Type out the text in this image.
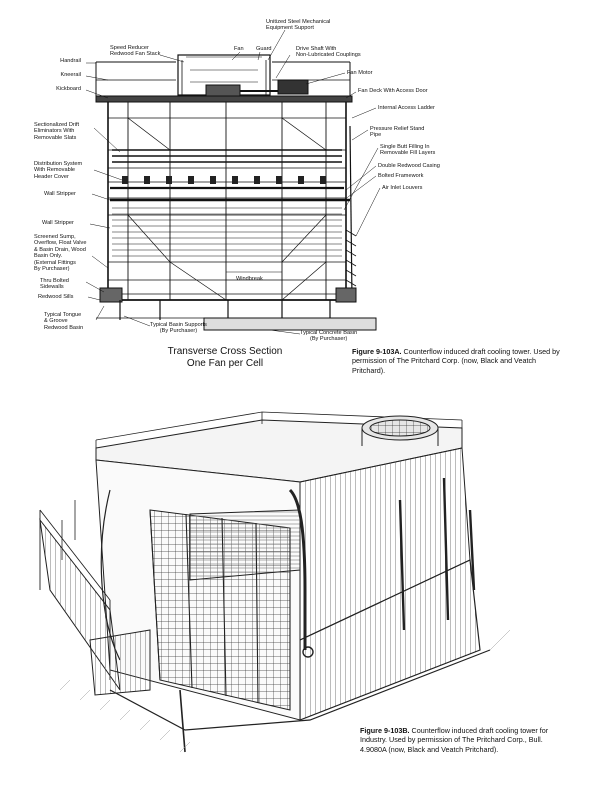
Handrail
Kneerail
Kickboard
Sectionalized Drift
Eliminators With
Removable Slats
Distribution System
With Removable
Header Cover
Wall Stripper
Wall Stripper
Screened Sump,
Overflow, Float Valve
& Basin Drain, Wood
Basin Only.
(External Fittings
By Purchaser)
Thru Bolted
Sidewalls
Redwood Sills
Typical Tongue
& Groove
Redwood Basin
Speed Reducer
Redwood Fan Stack
Fan Guard
Unitized Steel Mechanical
Equipment Support
Drive Shaft With
Non-Lubricated Couplings
Fan Motor
Fan Deck With Access Door
Internal Access Ladder
Pressure Relief Stand
Pipe
Single Butt Filling In
Removable Fill Layers
Double Redwood Casing
Bolted Framework
Air Inlet Louvers
Windbreak
Typical Basin Supports
(By Purchaser)	Typical Concrete Basin
(By Purchaser)
Transverse Cross Section
One Fan per Cell
Figure 9-103A. Counterflow induced draft cooling tower. Used by permission of The Pritchard Corp. (now, Black and Veatch Pritchard).
Figure 9-103B. Counterflow induced draft cooling tower for Industry. Used by permission of The Pritchard Corp., Bull. 4.9080A (now, Black and Veatch Pritchard).
